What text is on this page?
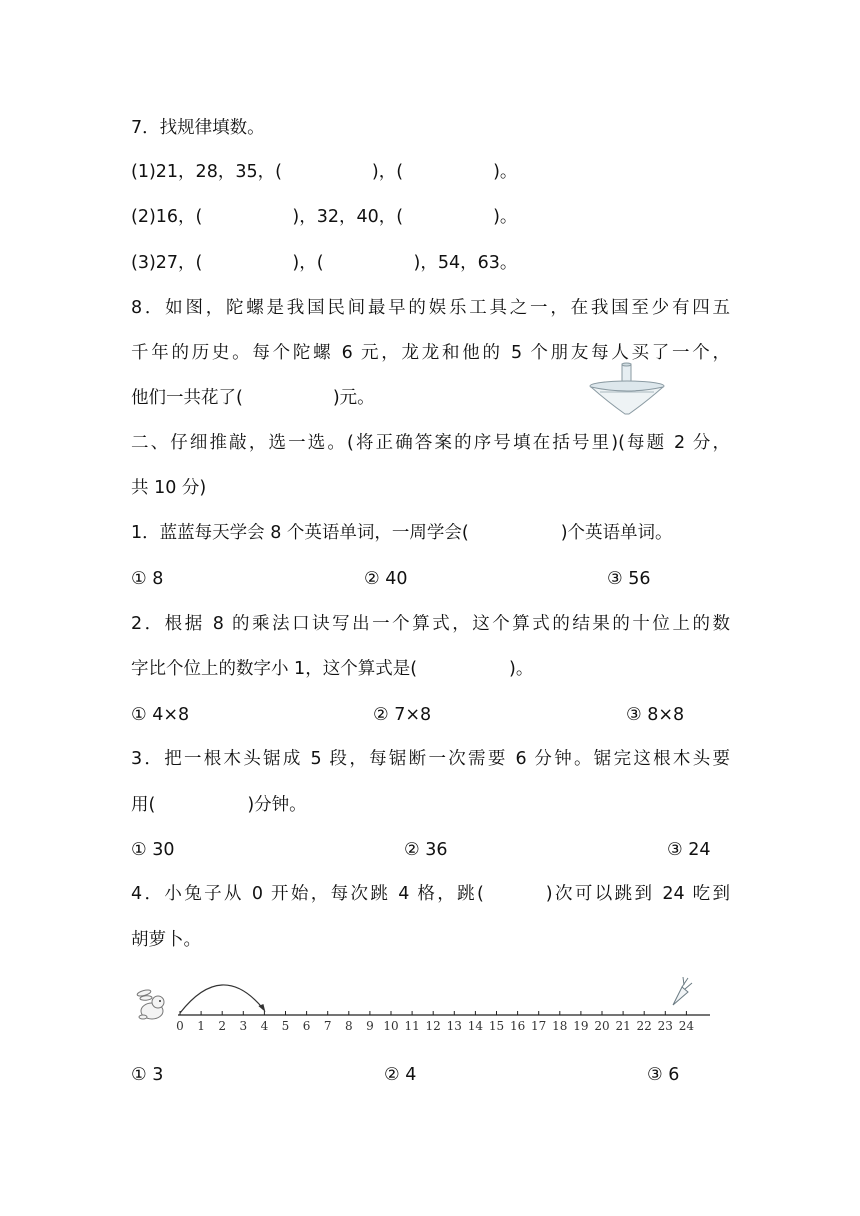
7．找规律填数。
(1)21，28，35，(	)，(	)。
(2)16，(	)，32，40，(	)。
(3)27，(	)，(	)，54，63。
8．如图，陀螺是我国民间最早的娱乐工具之一，在我国至少有四五
千年的历史。每个陀螺 6 元，龙龙和他的 5 个朋友每人买了一个，
他们一共花了(	)元。
二、仔细推敲，选一选。(将正确答案的序号填在括号里)(每题 2 分，
共 10 分)
1．蓝蓝每天学会 8 个英语单词，一周学会(	)个英语单词。
① 8	② 40	③ 56
2．根据 8 的乘法口诀写出一个算式，这个算式的结果的十位上的数
字比个位上的数字小 1，这个算式是(	)。
① 4×8	② 7×8	③ 8×8
3．把一根木头锯成 5 段，每锯断一次需要 6 分钟。锯完这根木头要
用(	)分钟。
① 30	② 36	③ 24
4．小兔子从 0 开始，每次跳 4 格，跳(	)次可以跳到 24 吃到
胡萝卜。
0 1 2 3 4 5 6 7 8 9 10 11 12 13 14 15 16 17 18 19 20 21 22 23 24
① 3	② 4	③ 6
